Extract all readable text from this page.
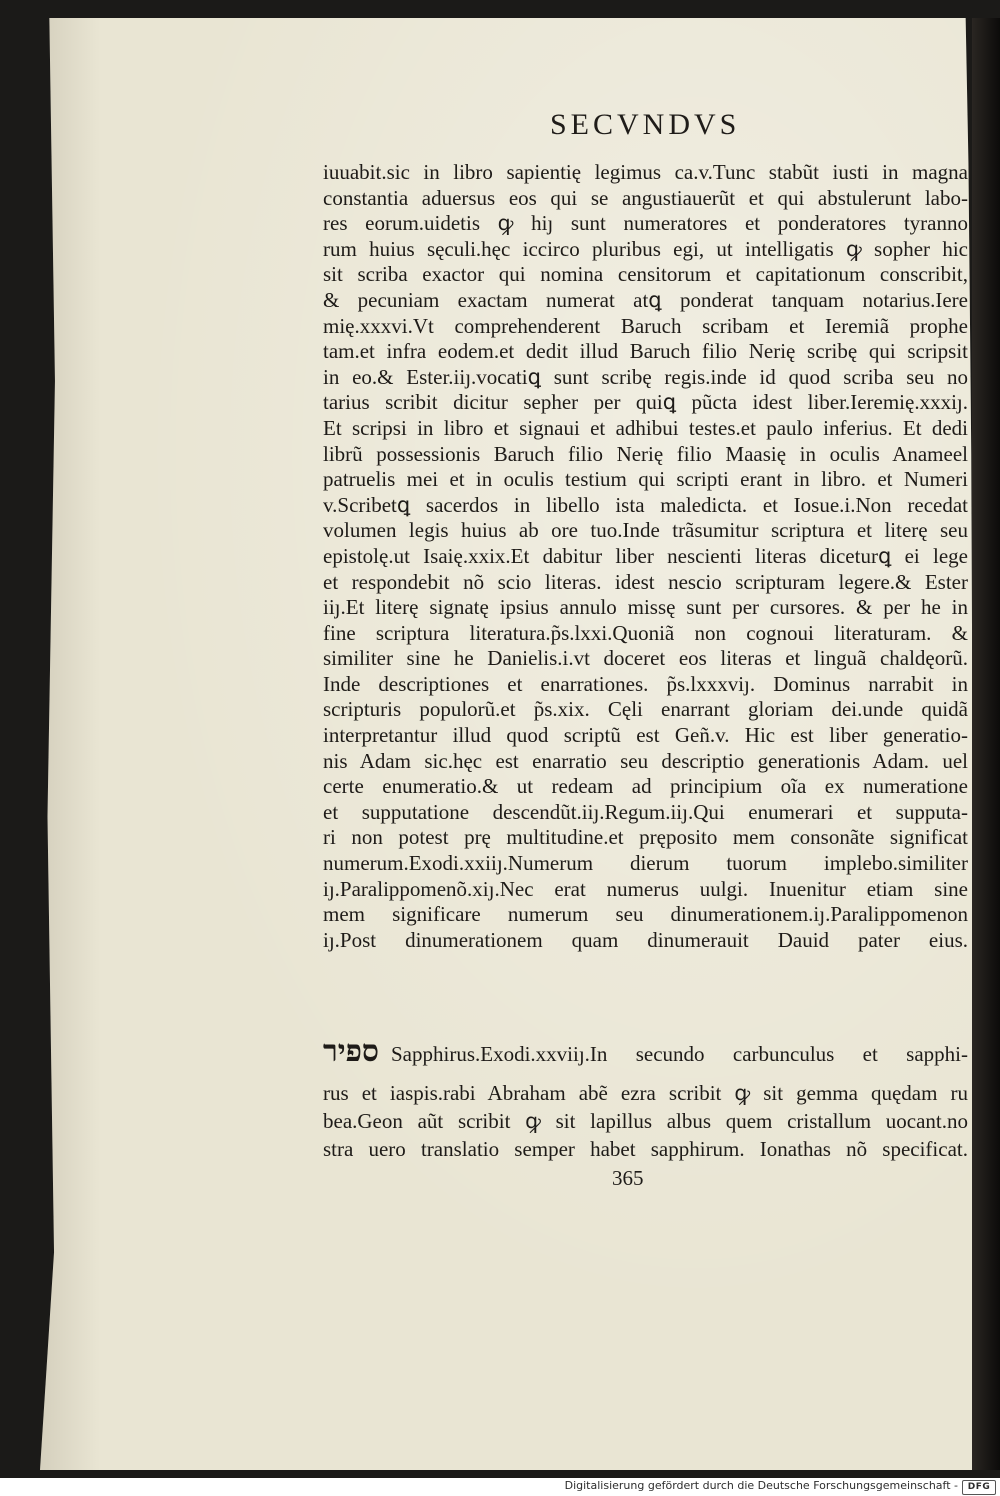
SECVNDVS
iuuabit.sic in libro sapientię legimus ca.v.Tunc stabũt iusti in magna
constantia aduersus eos qui se angustiauerũt et qui abstulerunt labo-
res eorum.uidetis ꝙ hiȷ sunt numeratores et ponderatores tyranno
rum huius sęculi.hęc iccirco pluribus egi, ut intelligatis ꝙ sopher hic
sit scriba exactor qui nomina censitorum et capitationum conscribit,
& pecuniam exactam numerat atꝗ ponderat tanquam notarius.Iere
mię.xxxvi.Vt comprehenderent Baruch scribam et Ieremiã prophe
tam.et infra eodem.et dedit illud Baruch filio Nerię scribę qui scripsit
in eo.& Ester.iiȷ.vocatiꝗ sunt scribę regis.inde id quod scriba seu no
tarius scribit dicitur sepher per quiꝗ pũcta idest liber.Ieremię.xxxiȷ.
Et scripsi in libro et signaui et adhibui testes.et paulo inferius. Et dedi
librũ possessionis Baruch filio Nerię filio Maasię in oculis Anameel
patruelis mei et in oculis testium qui scripti erant in libro. et Numeri
v.Scribetꝗ sacerdos in libello ista maledicta. et Iosue.i.Non recedat
volumen legis huius ab ore tuo.Inde trãsumitur scriptura et literę seu
epistolę.ut Isaię.xxix.Et dabitur liber nescienti literas diceturꝗ ei lege
et respondebit nõ scio literas. idest nescio scripturam legere.& Ester
iiȷ.Et literę signatę ipsius annulo missę sunt per cursores. & per he in
fine scriptura literatura.p̃s.lxxi.Quoniã non cognoui literaturam. &
similiter sine he Danielis.i.vt doceret eos literas et linguã chaldęorũ.
Inde descriptiones et enarrationes. p̃s.lxxxviȷ. Dominus narrabit in
scripturis populorũ.et p̃s.xix. Cęli enarrant gloriam dei.unde quidã
interpretantur illud quod scriptũ est Geñ.v. Hic est liber generatio-
nis Adam sic.hęc est enarratio seu descriptio generationis Adam. uel
certe enumeratio.& ut redeam ad principium oĩa ex numeratione
et supputatione descendũt.iiȷ.Regum.iiȷ.Qui enumerari et supputa-
ri non potest prę multitudine.et pręposito mem consonãte significat
numerum.Exodi.xxiiȷ.Numerum dierum tuorum implebo.similiter
iȷ.Paralippomenõ.xiȷ.Nec erat numerus uulgi. Inuenitur etiam sine
mem significare numerum seu dinumerationem.iȷ.Paralippomenon
iȷ.Post dinumerationem quam dinumerauit Dauid pater eius.
ספיר Sapphirus.Exodi.xxviiȷ.In secundo carbunculus et sapphi-
rus et iaspis.rabi Abraham abẽ ezra scribit ꝙ sit gemma quędam ru
bea.Geon aũt scribit ꝙ sit lapillus albus quem cristallum uocant.no
stra uero translatio semper habet sapphirum. Ionathas nõ specificat.
365
Digitalisierung gefördert durch die Deutsche Forschungsgemeinschaft -	DFG
